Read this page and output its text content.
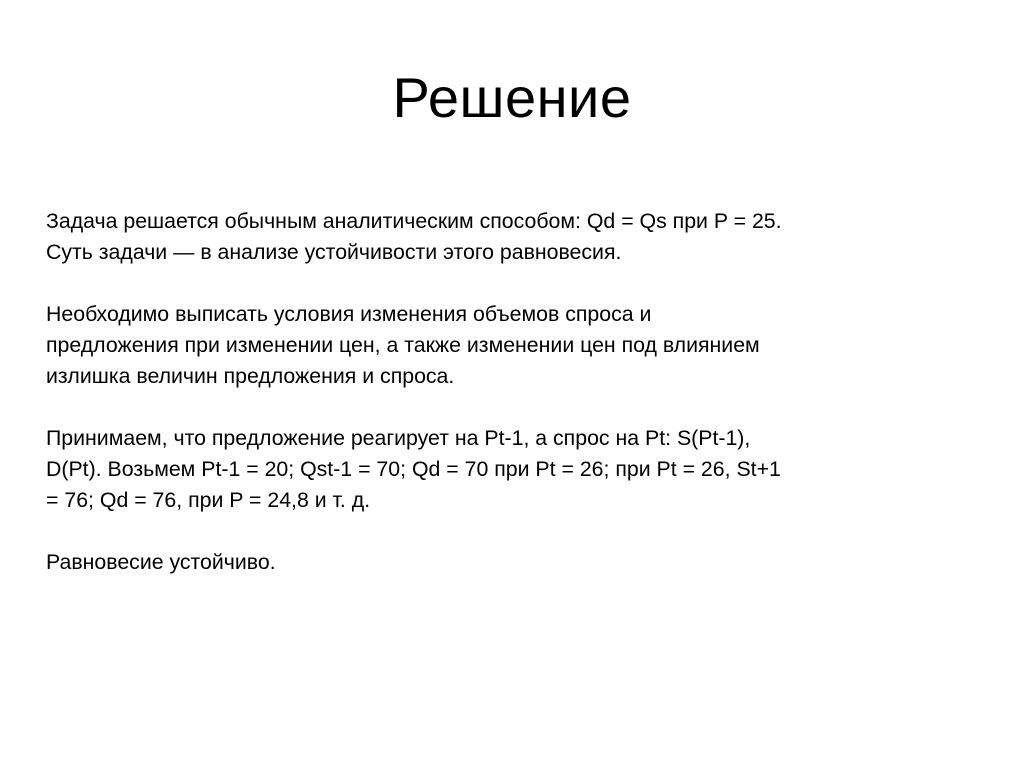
Решение

Задача решается обычным аналитическим способом: Qd = Qs при P = 25.
Суть задачи — в анализе устойчивости этого равновесия.

Необходимо выписать условия изменения объемов спроса и
предложения при изменении цен, а также изменении цен под влиянием
излишка величин предложения и спроса.

Принимаем, что предложение реагирует на Pt-1, а спрос на Pt: S(Pt-1),
D(Pt). Возьмем Pt-1 = 20; Qst-1 = 70; Qd = 70 при Pt = 26; при Pt = 26, St+1
= 76; Qd = 76, при P = 24,8 и т. д.

Равновесие устойчиво.
